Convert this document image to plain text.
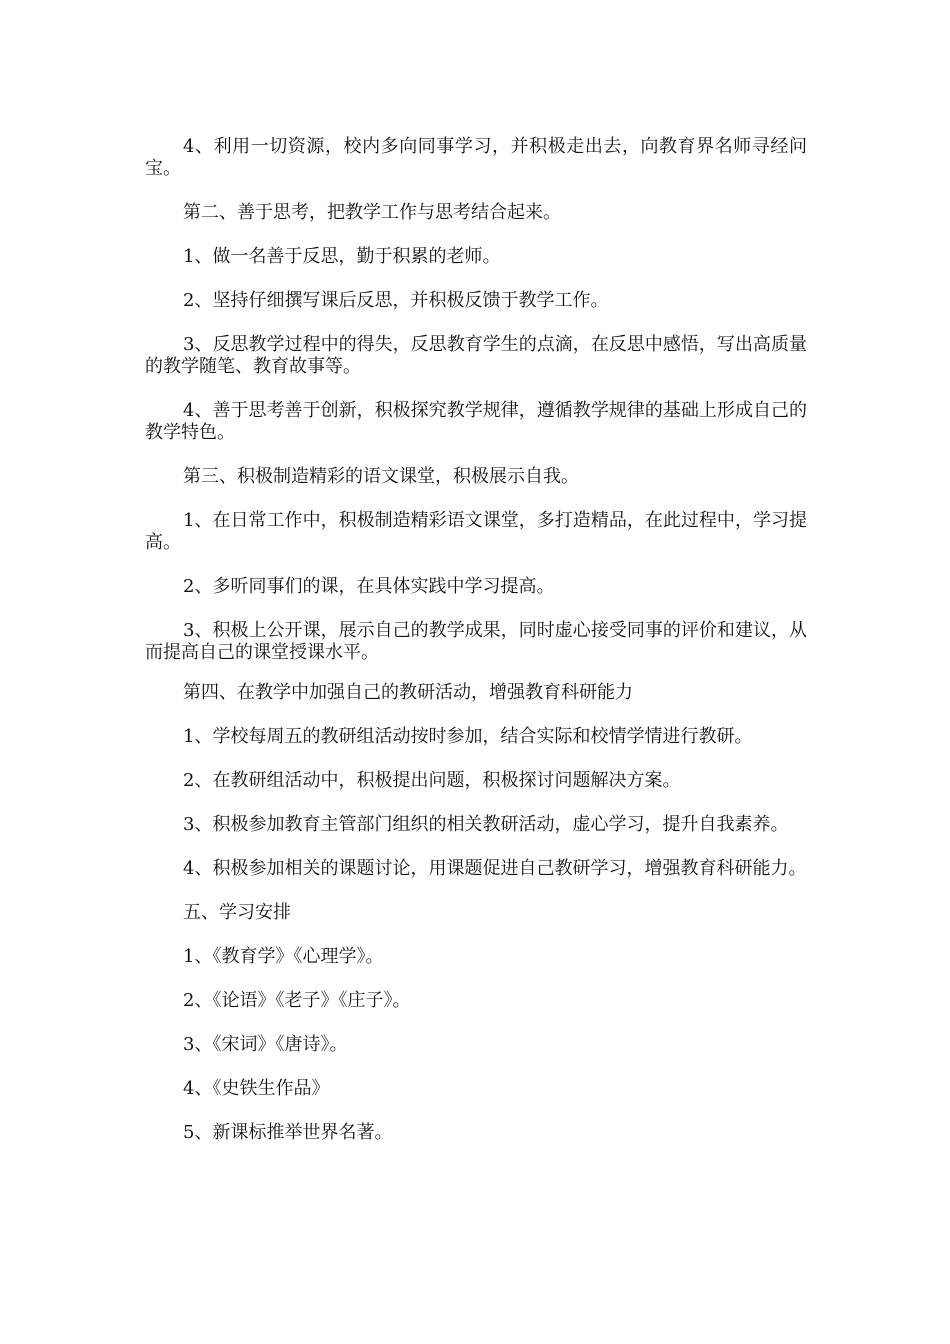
4、利用一切资源，校内多向同事学习，并积极走出去，向教育界名师寻经问宝。

第二、善于思考，把教学工作与思考结合起来。

1、做一名善于反思，勤于积累的老师。

2、坚持仔细撰写课后反思，并积极反馈于教学工作。

3、反思教学过程中的得失，反思教育学生的点滴，在反思中感悟，写出高质量的教学随笔、教育故事等。

4、善于思考善于创新，积极探究教学规律，遵循教学规律的基础上形成自己的教学特色。

第三、积极制造精彩的语文课堂，积极展示自我。

1、在日常工作中，积极制造精彩语文课堂，多打造精品，在此过程中，学习提高。

2、多听同事们的课，在具体实践中学习提高。

3、积极上公开课，展示自己的教学成果，同时虚心接受同事的评价和建议，从而提高自己的课堂授课水平。

第四、在教学中加强自己的教研活动，增强教育科研能力

1、学校每周五的教研组活动按时参加，结合实际和校情学情进行教研。

2、在教研组活动中，积极提出问题，积极探讨问题解决方案。

3、积极参加教育主管部门组织的相关教研活动，虚心学习，提升自我素养。

4、积极参加相关的课题讨论，用课题促进自己教研学习，增强教育科研能力。

五、学习安排

1、《教育学》《心理学》。

2、《论语》《老子》《庄子》。

3、《宋词》《唐诗》。

4、《史铁生作品》

5、新课标推举世界名著。
